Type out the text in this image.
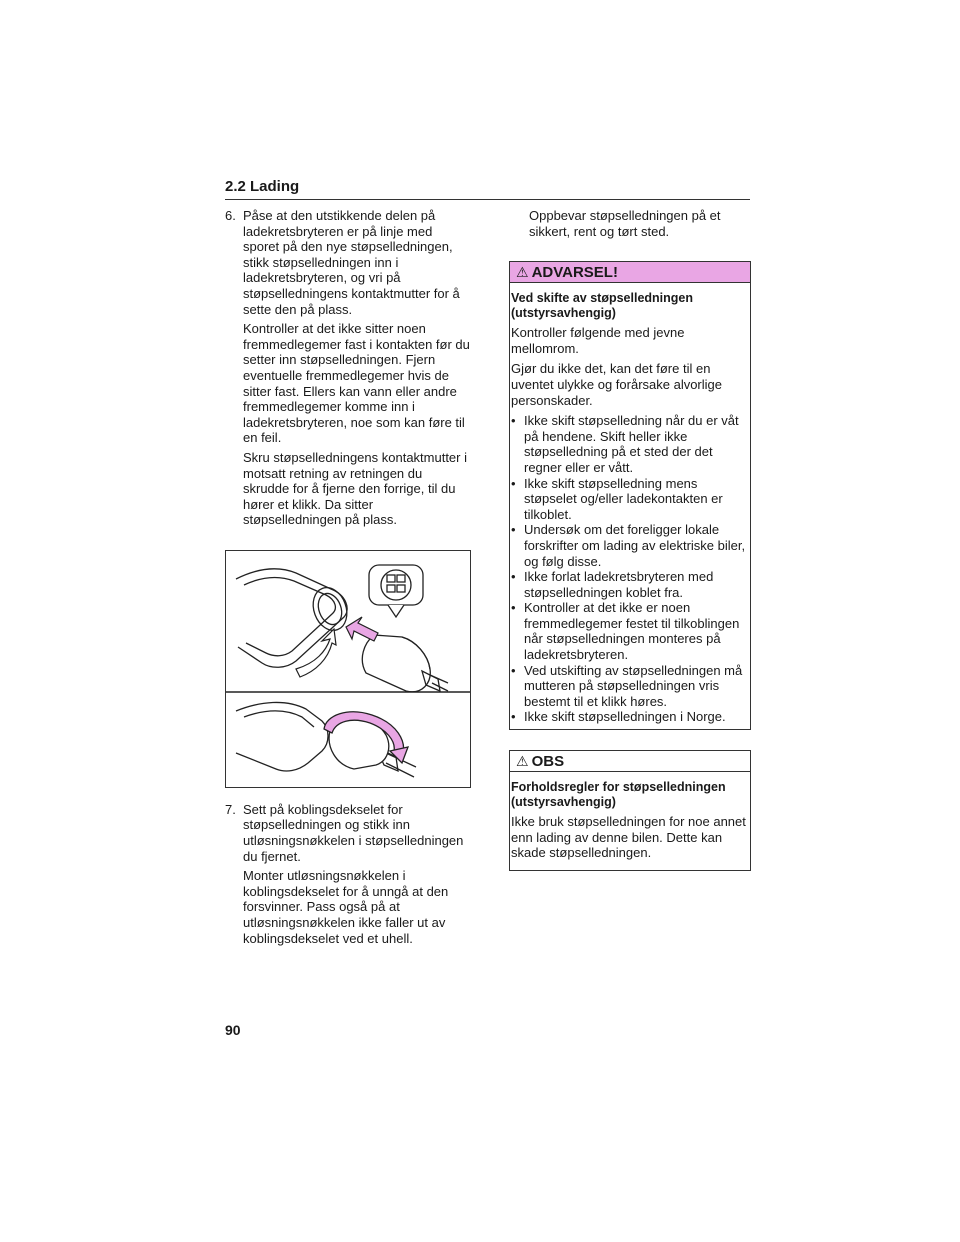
2.2 Lading
6. Påse at den utstikkende delen på ladekretsbryteren er på linje med sporet på den nye støpselledningen, stikk støpselledningen inn i ladekretsbryteren, og vri på støpselledningens kontaktmutter for å sette den på plass.
Kontroller at det ikke sitter noen fremmedlegemer fast i kontakten før du setter inn støpselledningen. Fjern eventuelle fremmedlegemer hvis de sitter fast. Ellers kan vann eller andre fremmedlegemer komme inn i ladekretsbryteren, noe som kan føre til en feil.
Skru støpselledningens kontaktmutter i motsatt retning av retningen du skrudde for å fjerne den forrige, til du hører et klikk. Da sitter støpselledningen på plass.
7. Sett på koblingsdekselet for støpselledningen og stikk inn utløsningsnøkkelen i støpselledningen du fjernet.
Monter utløsningsnøkkelen i koblingsdekselet for å unngå at den forsvinner. Pass også på at utløsningsnøkkelen ikke faller ut av koblingsdekselet ved et uhell.
Oppbevar støpselledningen på et sikkert, rent og tørt sted.
⚠ ADVARSEL!
Ved skifte av støpselledningen (utstyrsavhengig)

Kontroller følgende med jevne mellomrom.

Gjør du ikke det, kan det føre til en uventet ulykke og forårsake alvorlige personskader.

• Ikke skift støpselledning når du er våt på hendene. Skift heller ikke støpselledning på et sted der det regner eller er vått.
• Ikke skift støpselledning mens støpselet og/eller ladekontakten er tilkoblet.
• Undersøk om det foreligger lokale forskrifter om lading av elektriske biler, og følg disse.
• Ikke forlat ladekretsbryteren med støpselledningen koblet fra.
• Kontroller at det ikke er noen fremmedlegemer festet til tilkoblingen når støpselledningen monteres på ladekretsbryteren.
• Ved utskifting av støpselledningen må mutteren på støpselledningen vris bestemt til et klikk høres.
• Ikke skift støpselledningen i Norge.
⚠ OBS
Forholdsregler for støpselledningen (utstyrsavhengig)

Ikke bruk støpselledningen for noe annet enn lading av denne bilen. Dette kan skade støpselledningen.

90
